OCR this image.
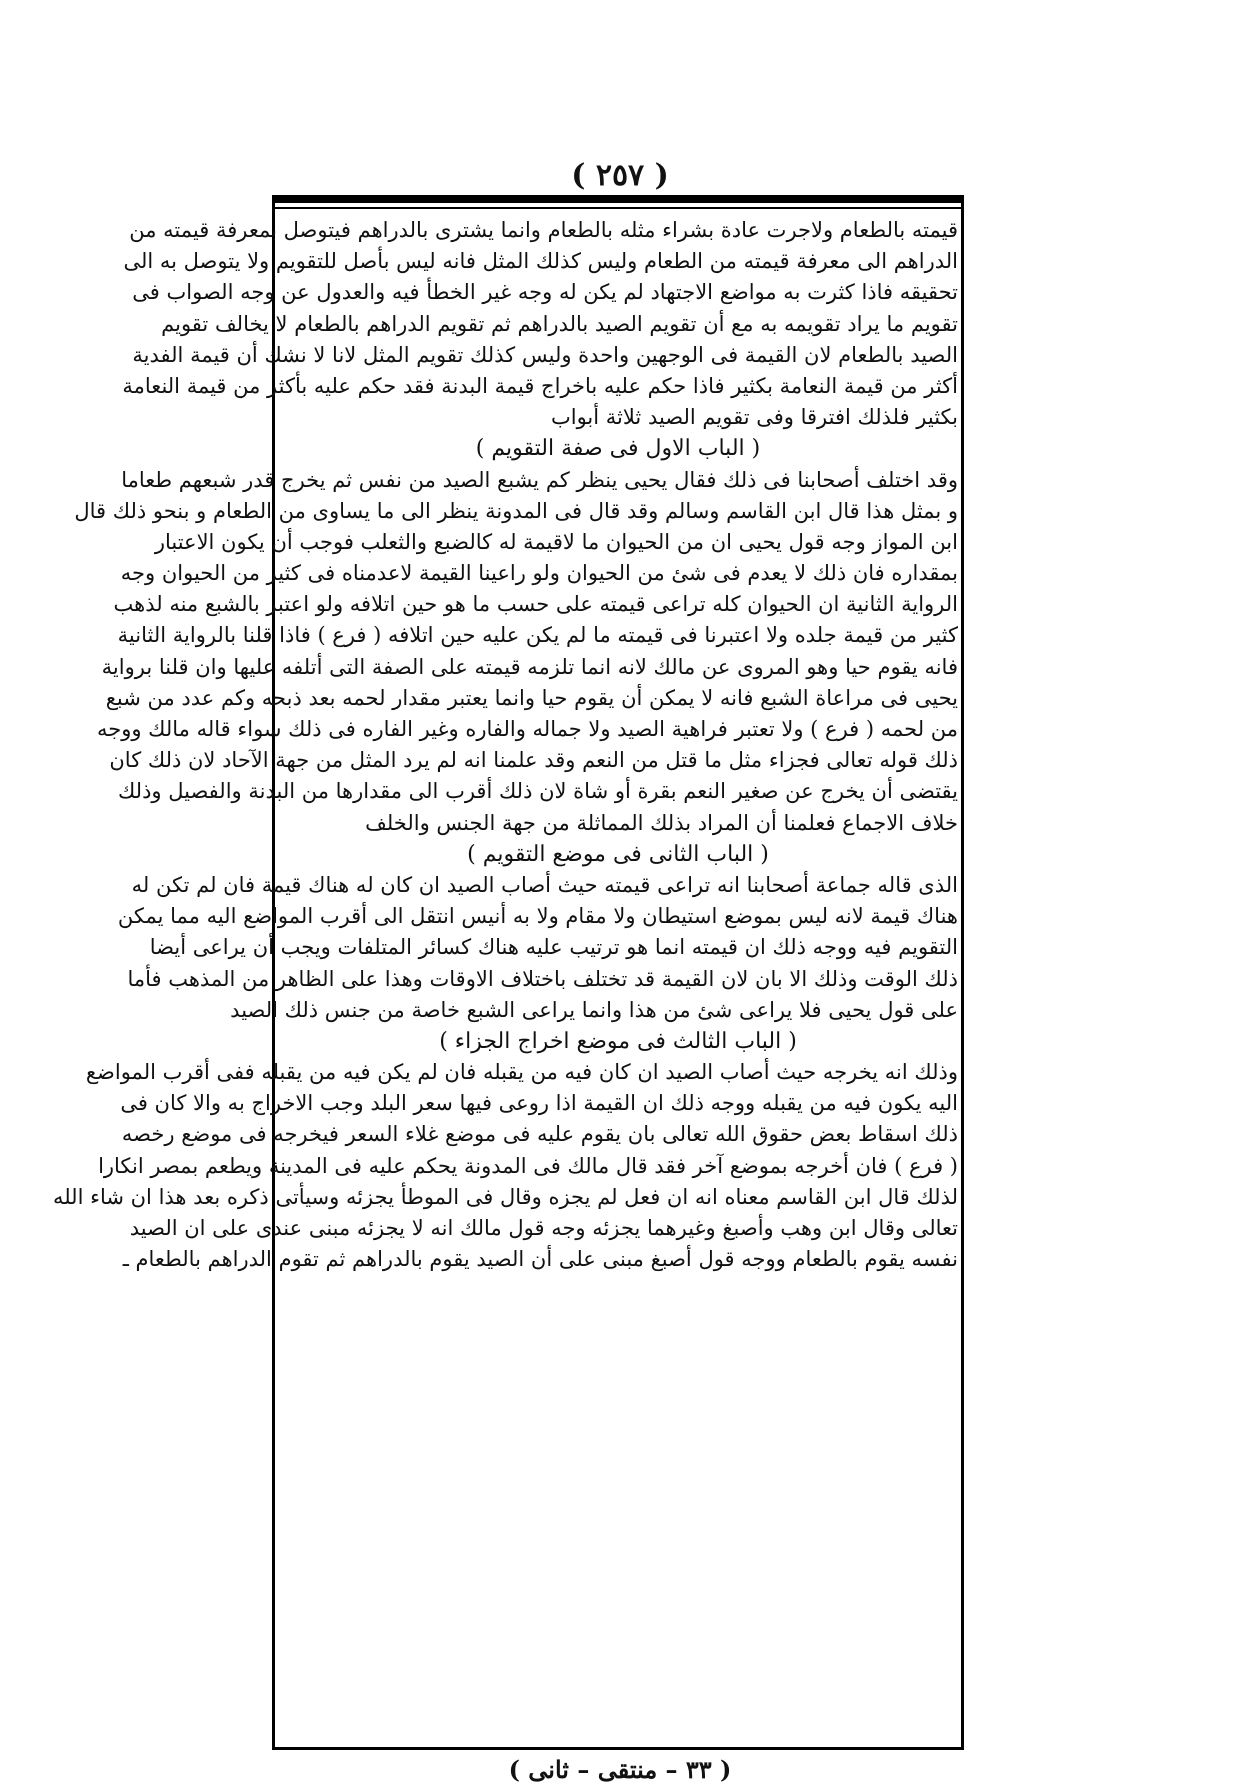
( ٢٥٧ )
قيمته بالطعام ولاجرت عادة بشراء مثله بالطعام وانما يشترى بالدراهم فيتوصل بمعرفة قيمته من
الدراهم الى معرفة قيمته من الطعام وليس كذلك المثل فانه ليس بأصل للتقويم ولا يتوصل به الى
تحقيقه فاذا كثرت به مواضع الاجتهاد لم يكن له وجه غير الخطأ فيه والعدول عن وجه الصواب فى
تقويم ما يراد تقويمه به مع أن تقويم الصيد بالدراهم ثم تقويم الدراهم بالطعام لا يخالف تقويم
الصيد بالطعام لان القيمة فى الوجهين واحدة وليس كذلك تقويم المثل لانا لا نشك أن قيمة الفدية
أكثر من قيمة النعامة بكثير فاذا حكم عليه باخراج قيمة البدنة فقد حكم عليه بأكثر من قيمة النعامة
بكثير فلذلك افترقا وفى تقويم الصيد ثلاثة أبواب
( الباب الاول فى صفة التقويم )
وقد اختلف أصحابنا فى ذلك فقال يحيى ينظر كم يشبع الصيد من نفس ثم يخرج قدر شبعهم طعاما
و بمثل هذا قال ابن القاسم وسالم وقد قال فى المدونة ينظر الى ما يساوى من الطعام و بنحو ذلك قال
ابن المواز وجه قول يحيى ان من الحيوان ما لاقيمة له كالضبع والثعلب فوجب أن يكون الاعتبار
بمقداره فان ذلك لا يعدم فى شئ من الحيوان ولو راعينا القيمة لاعدمناه فى كثير من الحيوان وجه
الرواية الثانية ان الحيوان كله تراعى قيمته على حسب ما هو حين اتلافه ولو اعتبر بالشبع منه لذهب
كثير من قيمة جلده ولا اعتبرنا فى قيمته ما لم يكن عليه حين اتلافه ( فرع ) فاذا قلنا بالرواية الثانية
فانه يقوم حيا وهو المروى عن مالك لانه انما تلزمه قيمته على الصفة التى أتلفه عليها وان قلنا برواية
يحيى فى مراعاة الشبع فانه لا يمكن أن يقوم حيا وانما يعتبر مقدار لحمه بعد ذبحه وكم عدد من شبع
من لحمه ( فرع ) ولا تعتبر فراهية الصيد ولا جماله والفاره وغير الفاره فى ذلك سواء قاله مالك ووجه
ذلك قوله تعالى فجزاء مثل ما قتل من النعم وقد علمنا انه لم يرد المثل من جهة الآحاد لان ذلك كان
يقتضى أن يخرج عن صغير النعم بقرة أو شاة لان ذلك أقرب الى مقدارها من البدنة والفصيل وذلك
خلاف الاجماع فعلمنا أن المراد بذلك المماثلة من جهة الجنس والخلف
( الباب الثانى فى موضع التقويم )
الذى قاله جماعة أصحابنا انه تراعى قيمته حيث أصاب الصيد ان كان له هناك قيمة فان لم تكن له
هناك قيمة لانه ليس بموضع استيطان ولا مقام ولا به أنيس انتقل الى أقرب المواضع اليه مما يمكن
التقويم فيه ووجه ذلك ان قيمته انما هو ترتيب عليه هناك كسائر المتلفات ويجب أن يراعى أيضا
ذلك الوقت وذلك الا بان لان القيمة قد تختلف باختلاف الاوقات وهذا على الظاهر من المذهب فأما
على قول يحيى فلا يراعى شئ من هذا وانما يراعى الشبع خاصة من جنس ذلك الصيد
( الباب الثالث فى موضع اخراج الجزاء )
وذلك انه يخرجه حيث أصاب الصيد ان كان فيه من يقبله فان لم يكن فيه من يقبله ففى أقرب المواضع
اليه يكون فيه من يقبله ووجه ذلك ان القيمة اذا روعى فيها سعر البلد وجب الاخراج به والا كان فى
ذلك اسقاط بعض حقوق الله تعالى بان يقوم عليه فى موضع غلاء السعر فيخرجه فى موضع رخصه
( فرع ) فان أخرجه بموضع آخر فقد قال مالك فى المدونة يحكم عليه فى المدينة ويطعم بمصر انكارا
لذلك قال ابن القاسم معناه انه ان فعل لم يجزه وقال فى الموطأ يجزئه وسيأتى ذكره بعد هذا ان شاء الله
تعالى وقال ابن وهب وأصبغ وغيرهما يجزئه وجه قول مالك انه لا يجزئه مبنى عندى على ان الصيد
نفسه يقوم بالطعام ووجه قول أصبغ مبنى على أن الصيد يقوم بالدراهم ثم تقوم الدراهم بالطعام ـ
( ٣٣ – منتقى – ثانى )
